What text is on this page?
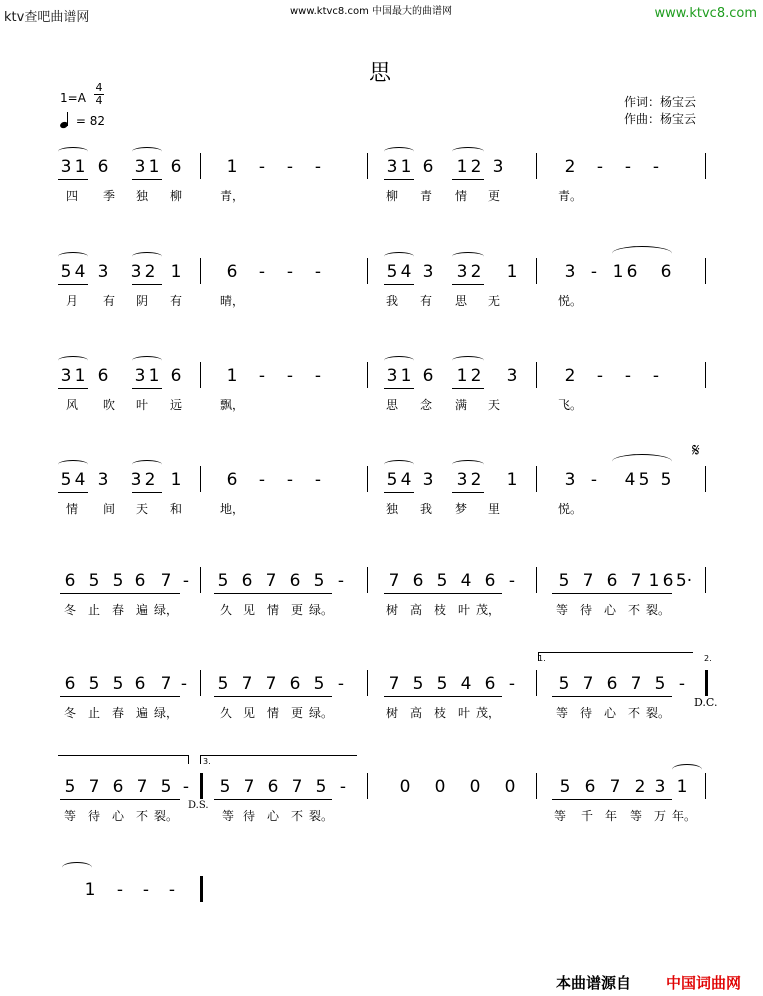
ktv查吧曲谱网	www.ktvc8.com 中国最大的曲谱网	www.ktvc8.com
思
1=A
4
4
= 82
作词：杨宝云
作曲：杨宝云
3 1 6 3 1 6	1 - - -	3 1 6 1 2 3	2 - - -
四 季 独 柳	青，	柳 青 情 更	青。
5 4 3 3 2 1	6 - - -	5 4 3 3 2 1	3 - 1 6 6
月 有 阴 有	晴，	我 有 思 无	悦。
3 1 6 3 1 6	1 - - -	3 1 6 1 2 3	2 - - -
风 吹 叶 远	飘，	思 念 满 天	飞。
5 4 3 3 2 1	6 - - -	5 4 3 3 2 1	3 - 4 5 5
情 间 天 和	地，	独 我 梦 里	悦。
6 5 5 6 7 - 5 6 7 6 5 -	7 6 5 4 6 -	5 7 6 7 1 6 5·
冬 止 春 遍 绿，	久 见 情 更 绿。	树 高 枝 叶 茂，	等 待 心 不 裂。
6 5 5 6 7 - 5 7 7 6 5 -	7 5 5 4 6 -	5 7 6 7 5 -
冬 止 春 遍 绿，	久 见 情 更 绿。	树 高 枝 叶 茂，	等 待 心 不 裂。
5 7 6 7 5 - 5 7 6 7 5 -	0 0 0 0	5 6 7 2 3 1
等 待 心 不 裂。	等 待 心 不 裂。	等 千 年 等 万 年。
1 - - -
𝄋
1.	2.
D.C.
3.
D.S.
本曲谱源自 中国词曲网
